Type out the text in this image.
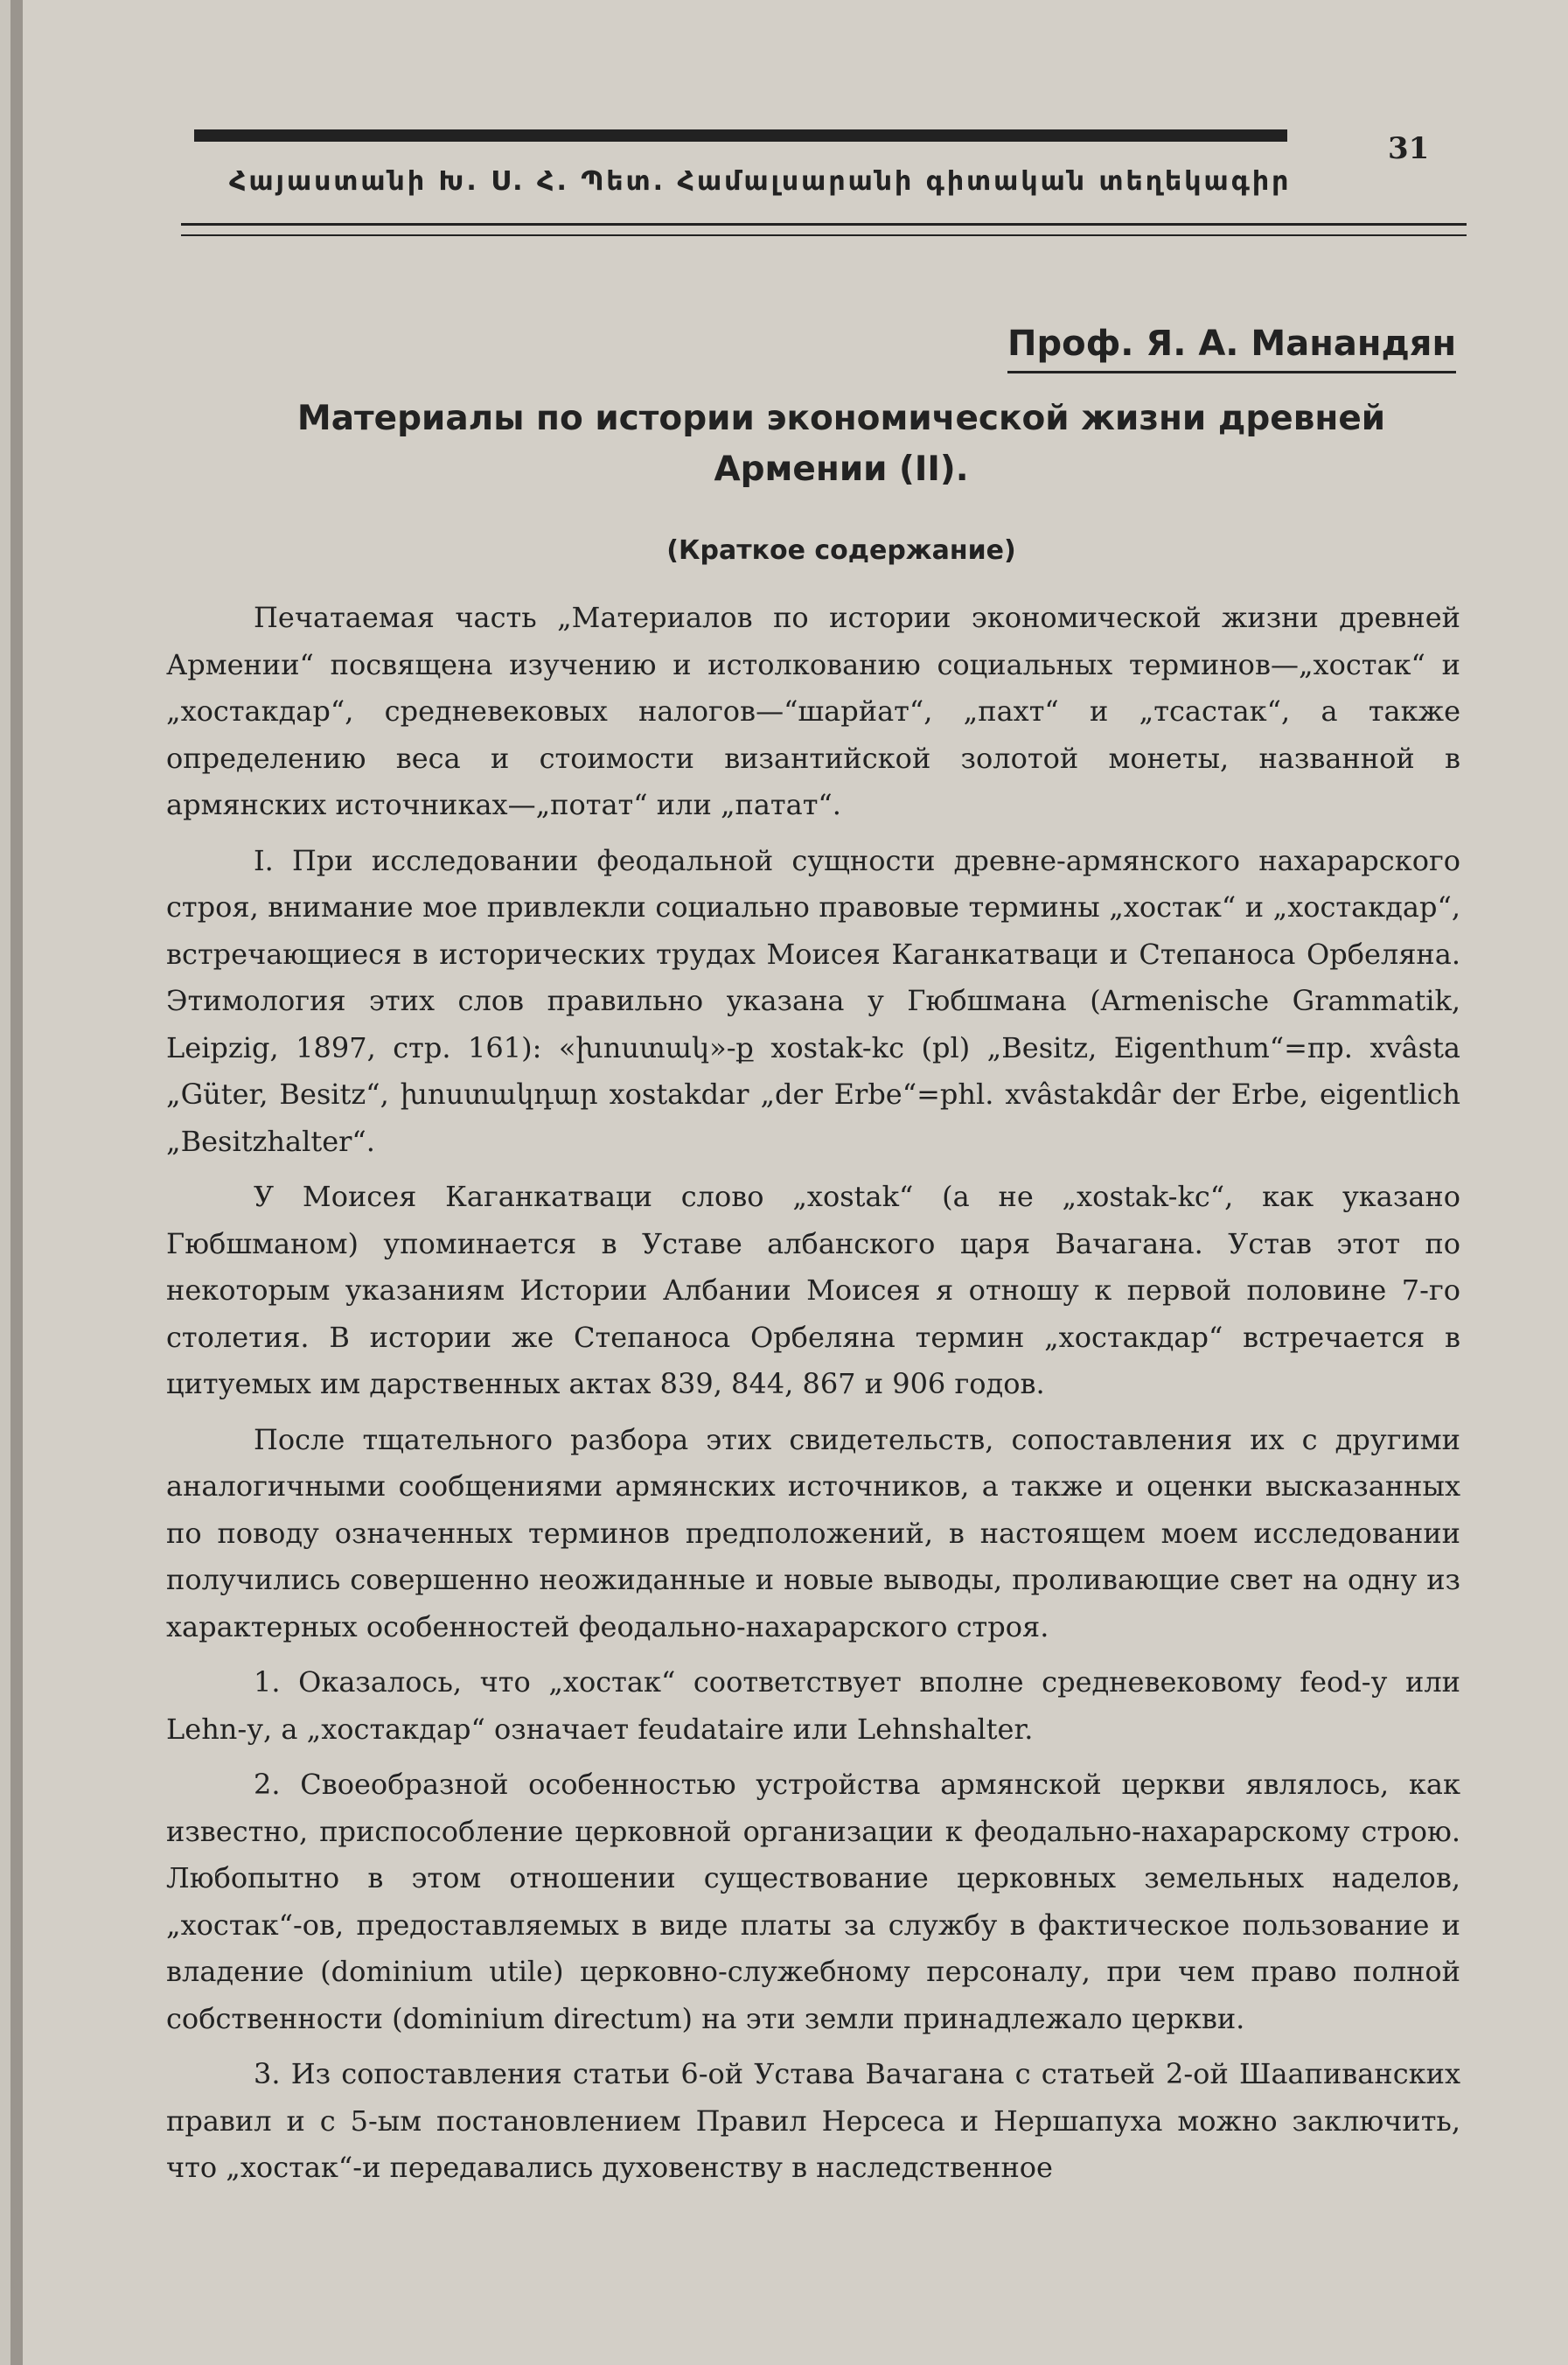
31
Հայաստանի Խ. Ս. Հ. Պետ. Համալսարանի գիտական տեղեկագիր
Проф. Я. А. Манандян
Материалы по истории экономической жизни древней
Армении (II).
(Краткое содержание)

Печатаемая часть „Материалов по истории экономической жизни древней Армении“ посвящена изучению и истолкованию социальных терминов—„хостак“ и „хостакдар“, средневековых налогов—“шарйат“, „пахт“ и „тcастак“, а также определению веса и стоимости византийской золотой монеты, названной в армянских источниках—„потат“ или „патат“.

I. При исследовании феодальной сущности древне-армянского нахарарского строя, внимание мое привлекли социально правовые термины „хостак“ и „хостакдар“, встречающиеся в исторических трудах Моисея Каганкатваци и Степаноса Орбеляна. Этимология этих слов правильно указана у Гюбшмана (Armenische Grammatik, Leipzig, 1897, стр. 161): «խոստակ»-ք xostak-kc (pl) „Besitz, Eigenthum“=пр. xvâsta „Güter, Besitz“, խոստակդար xostakdar „der Erbe“=phl. xvâstakdâr der Erbe, eigentlich „Besitzhalter“.

У Моисея Каганкатваци слово „xostak“ (а не „xostak-kc“, как указано Гюбшманом) упоминается в Уставе албанского царя Вачагана. Устав этот по некоторым указаниям Истории Албании Моисея я отношу к первой половине 7-го столетия. В истории же Степаноса Орбеляна термин „хостакдар“ встречается в цитуемых им дарственных актах 839, 844, 867 и 906 годов.

После тщательного разбора этих свидетельств, сопоставления их с другими аналогичными сообщениями армянских источников, а также и оценки высказанных по поводу означенных терминов предположений, в настоящем моем исследовании получились совершенно неожиданные и новые выводы, проливающие свет на одну из характерных особенностей феодально-нахарарского строя.

1. Оказалось, что „хостак“ соответствует вполне средневековому feod-у или Lehn-у, а „хостакдар“ означает feudataire или Lehnshalter.

2. Своеобразной особенностью устройства армянской церкви являлось, как известно, приспособление церковной организации к феодально-нахарарскому строю. Любопытно в этом отношении существование церковных земельных наделов, „хостак“-ов, предоставляемых в виде платы за службу в фактическое пользование и владение (dominium utile) церковно-служебному персоналу, при чем право полной собственности (dominium directum) на эти земли принадлежало церкви.

3. Из сопоставления статьи 6-ой Устава Вачагана с статьей 2-ой Шаапиванских правил и с 5-ым постановлением Правил Нерсеса и Нершапуха можно заключить, что „хостак“-и передавались духовенству в наследственное
